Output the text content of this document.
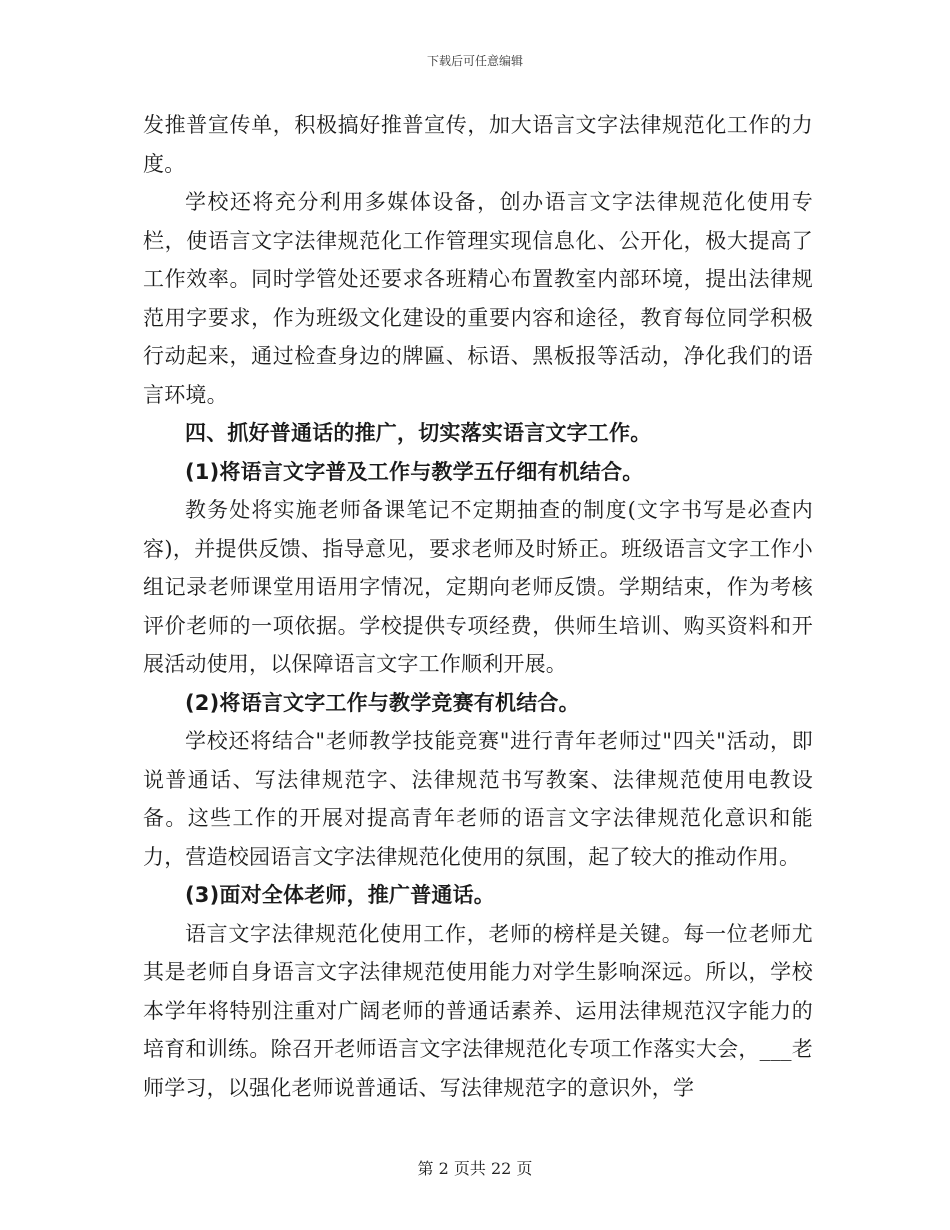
下载后可任意编辑

发推普宣传单，积极搞好推普宣传，加大语言文字法律规范化工作的力度。

学校还将充分利用多媒体设备，创办语言文字法律规范化使用专栏，使语言文字法律规范化工作管理实现信息化、公开化，极大提高了工作效率。同时学管处还要求各班精心布置教室内部环境，提出法律规范用字要求，作为班级文化建设的重要内容和途径，教育每位同学积极行动起来，通过检查身边的牌匾、标语、黑板报等活动，净化我们的语言环境。

四、抓好普通话的推广，切实落实语言文字工作。

(1)将语言文字普及工作与教学五仔细有机结合。

教务处将实施老师备课笔记不定期抽查的制度(文字书写是必查内容)，并提供反馈、指导意见，要求老师及时矫正。班级语言文字工作小组记录老师课堂用语用字情况，定期向老师反馈。学期结束，作为考核评价老师的一项依据。学校提供专项经费，供师生培训、购买资料和开展活动使用，以保障语言文字工作顺利开展。

(2)将语言文字工作与教学竞赛有机结合。

学校还将结合"老师教学技能竞赛"进行青年老师过"四关"活动，即说普通话、写法律规范字、法律规范书写教案、法律规范使用电教设备。这些工作的开展对提高青年老师的语言文字法律规范化意识和能力，营造校园语言文字法律规范化使用的氛围，起了较大的推动作用。

(3)面对全体老师，推广普通话。

语言文字法律规范化使用工作，老师的榜样是关键。每一位老师尤其是老师自身语言文字法律规范使用能力对学生影响深远。所以，学校本学年将特别注重对广阔老师的普通话素养、运用法律规范汉字能力的培育和训练。除召开老师语言文字法律规范化专项工作落实大会，___老师学习，以强化老师说普通话、写法律规范字的意识外，学

第 2 页共 22 页
